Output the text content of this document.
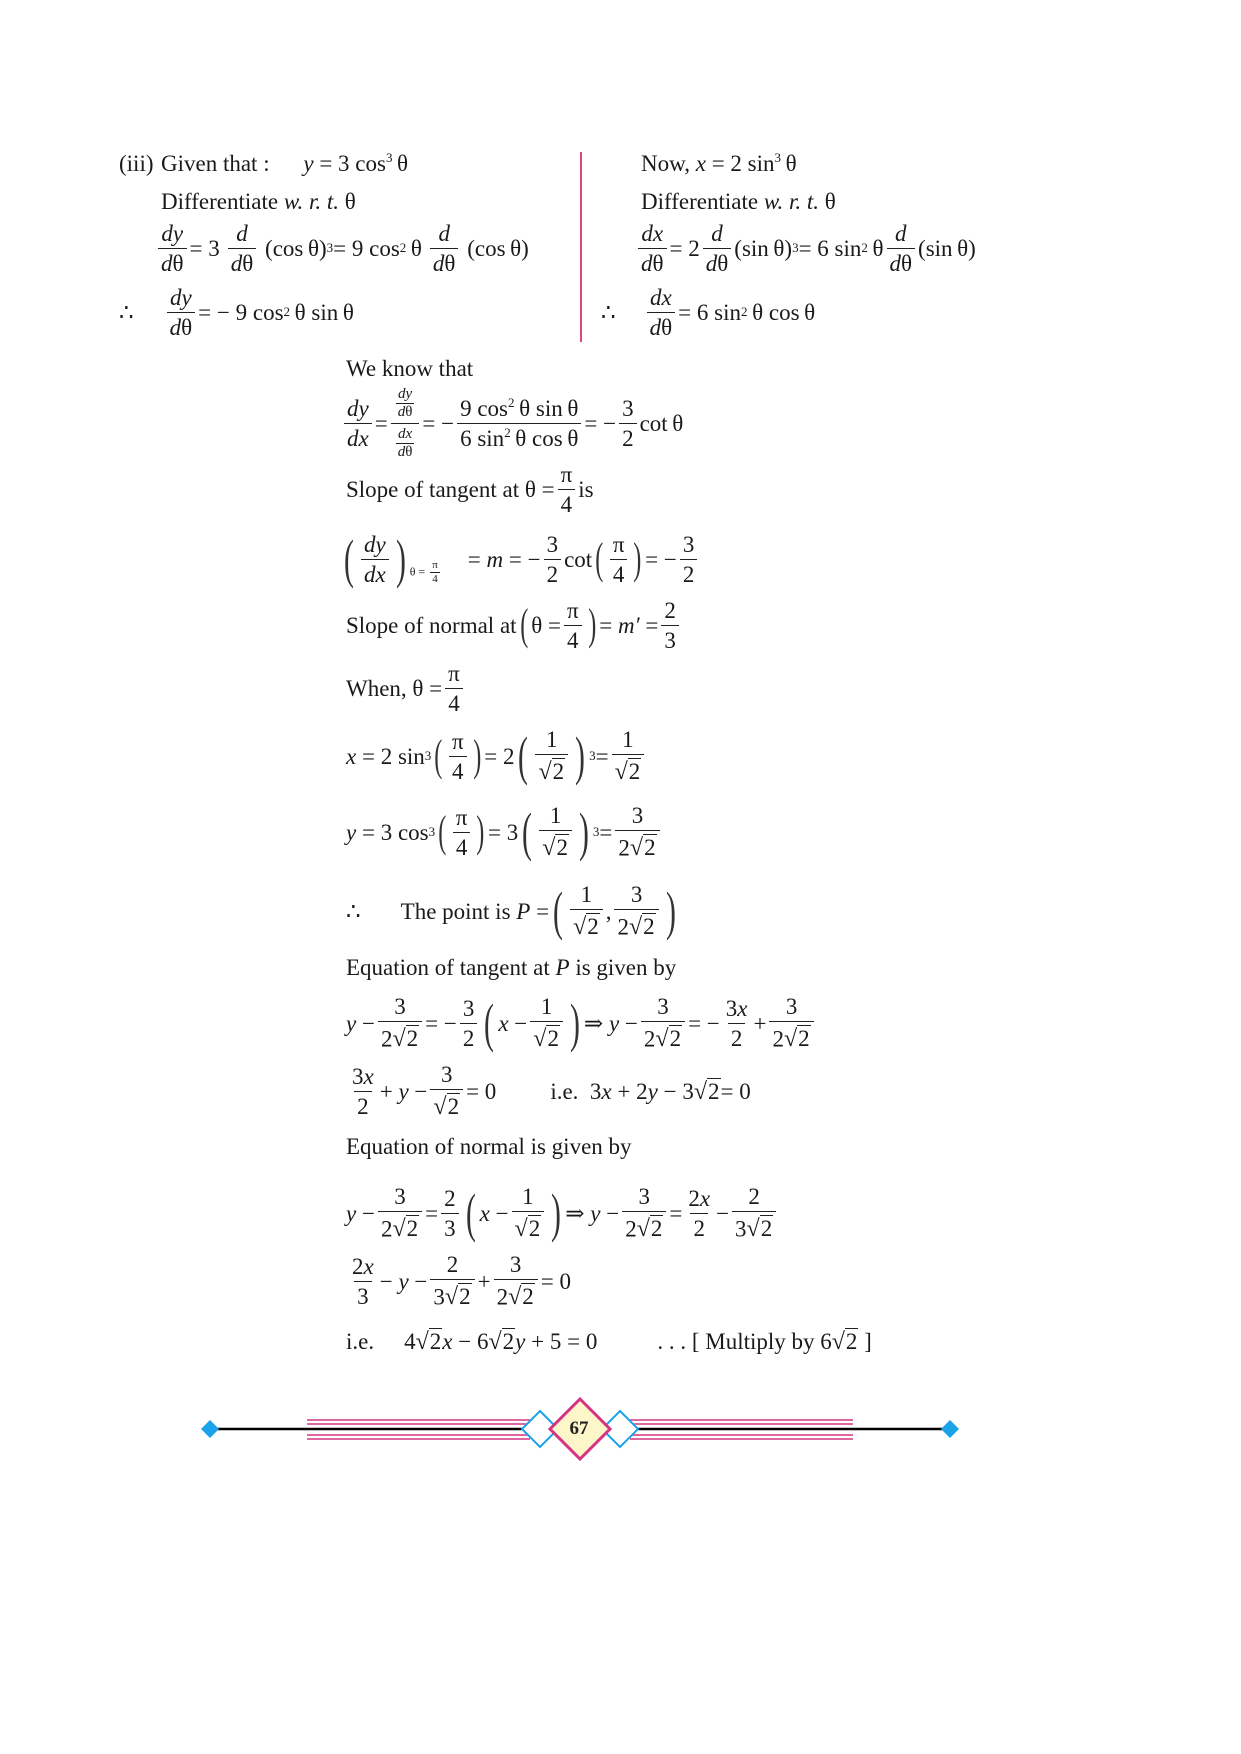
(iii) Given that : y = 3 $\cos^3 \theta$
Differentiate w. r. t. θ
$\frac{dy}{d\theta} = 3 \frac{d}{d\theta} (\cos$ θ) 3 = 9 cos 2  θ $\frac{d}{d\theta} (\cos$ θ)
∴ $\frac{dy}{d\theta}$ = − 9 cos 2  θ sin θ
Now, x = 2 $\sin^3 \theta$
Differentiate w. r. t. θ
$\frac{dx}{d\theta} = 2 \frac{d}{d\theta} (\sin$ θ) 3 = 6 sin 2  θ $\frac{d}{d\theta} (\sin$ θ)
∴ $\frac{dx}{d\theta} = 6$ sin 2  θ cos θ
We know that
$\frac{dy}{dx} = \frac{\frac{dy}{d\theta}}{\frac{dx}{d\theta}}$ = − $\frac{9 \cos^2 \theta \sin \theta}{6 \sin^2 \theta \cos \theta}$ = − $\frac{3}{2}$ cot θ
Slope of tangent at $\theta = \frac{\pi}{4}$ is
( $\frac{dy}{dx}$ ) $\theta = \frac{\pi}{4}$
= m = − $\frac{3}{2}$ cot ( $\frac{\pi}{4}$ ) = − $\frac{3}{2}$
Slope of normal at ( $\theta = \frac{\pi}{4}$ ) = $m' = \frac{2}{3}$
When, $\theta = \frac{\pi}{4}$
x = 2 sin 3 ( $\frac{\pi}{4}$ ) = 2 ( $\frac{1}{√ 2}$ ) $3 = \frac{1}{√ 2}$
y = 3 cos 3 ( $\frac{\pi}{4}$ ) = 3 ( $\frac{1}{√ 2}$ ) $3 = \frac{3}{2 √ 2}$
∴ The point is
P = ( $\frac{1}{√ 2}$ , $\frac{3}{2 √ 2}$ )
Equation of tangent at P is given by
$y - \frac{3}{2 √ 2}$ = − $\frac{3}{2}$ ( $x - \frac{1}{√ 2}$ ) ⇒ $y - \frac{3}{2 √ 2}$ = − $\frac{3x}{2} + \frac{3}{2 √ 2}$
$\frac{3x}{2} + y - \frac{3}{√ 2} = 0$ i.e. 3 x + 2 y − 3 √ 2 = 0
Equation of normal is given by
$y - \frac{3}{2 √ 2} = \frac{2}{3}$ ( $x - \frac{1}{√ 2}$ ) ⇒ $y - \frac{3}{2 √ 2} = \frac{2x}{2} - \frac{2}{3 √ 2}$
$\frac{2x}{3} - y - \frac{2}{3 √ 2} + \frac{3}{2 √ 2} = 0$
i.e. 4 √ 2 x − 6 √ 2 y + 5 = 0	. . . [ Multiply by 6 √ 2
]
67
